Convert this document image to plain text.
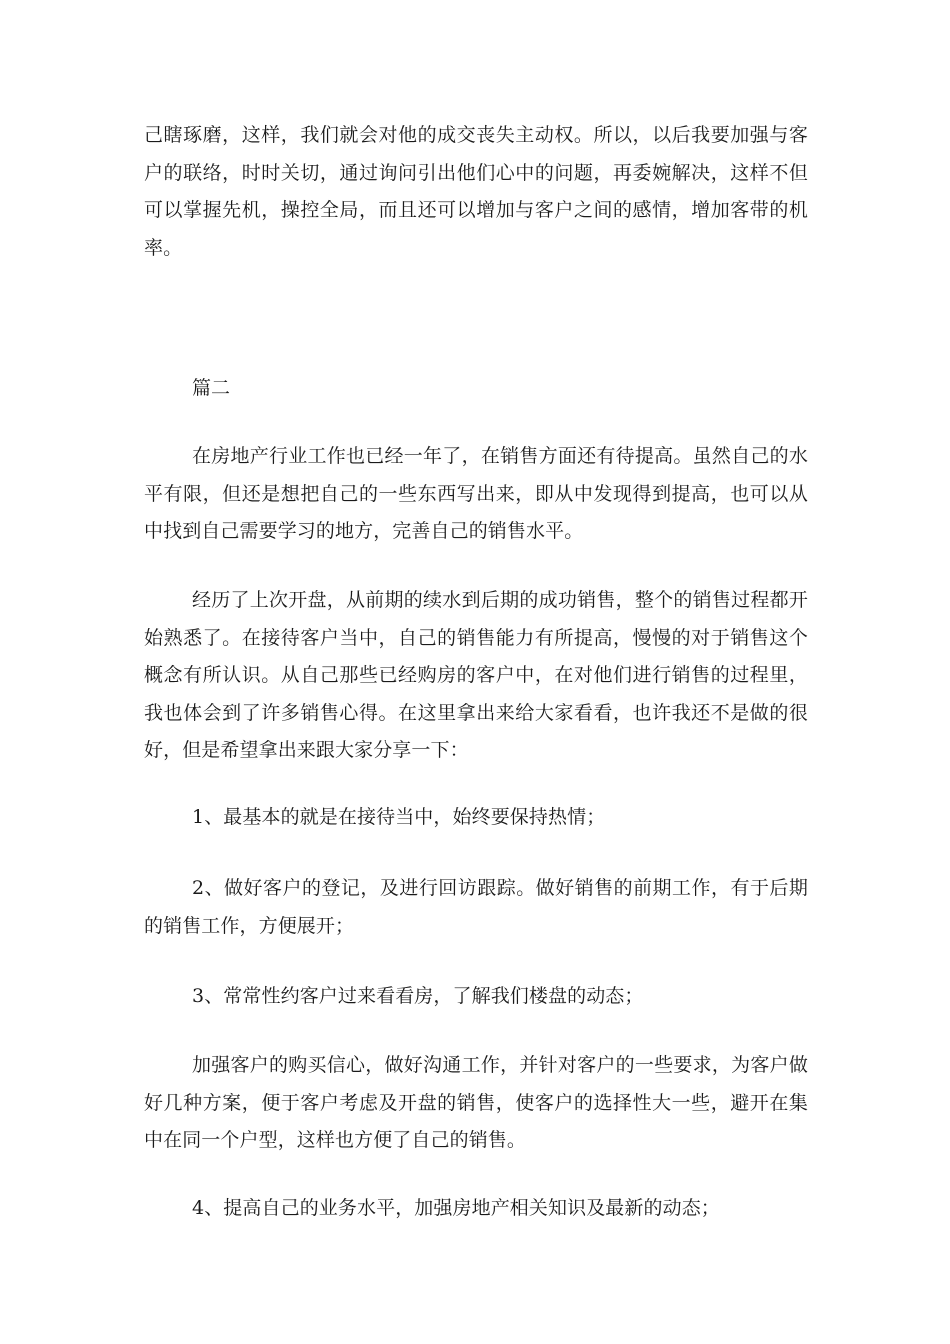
己瞎琢磨，这样，我们就会对他的成交丧失主动权。所以，以后我要加强与客户的联络，时时关切，通过询问引出他们心中的问题，再委婉解决，这样不但可以掌握先机，操控全局，而且还可以增加与客户之间的感情，增加客带的机率。

篇二

在房地产行业工作也已经一年了，在销售方面还有待提高。虽然自己的水平有限，但还是想把自己的一些东西写出来，即从中发现得到提高，也可以从中找到自己需要学习的地方，完善自己的销售水平。

经历了上次开盘，从前期的续水到后期的成功销售，整个的销售过程都开始熟悉了。在接待客户当中，自己的销售能力有所提高，慢慢的对于销售这个概念有所认识。从自己那些已经购房的客户中，在对他们进行销售的过程里，我也体会到了许多销售心得。在这里拿出来给大家看看，也许我还不是做的很好，但是希望拿出来跟大家分享一下：

1、最基本的就是在接待当中，始终要保持热情；

2、做好客户的登记，及进行回访跟踪。做好销售的前期工作，有于后期的销售工作，方便展开；

3、常常性约客户过来看看房，了解我们楼盘的动态；

加强客户的购买信心，做好沟通工作，并针对客户的一些要求，为客户做好几种方案，便于客户考虑及开盘的销售，使客户的选择性大一些，避开在集中在同一个户型，这样也方便了自己的销售。

4、提高自己的业务水平，加强房地产相关知识及最新的动态；
